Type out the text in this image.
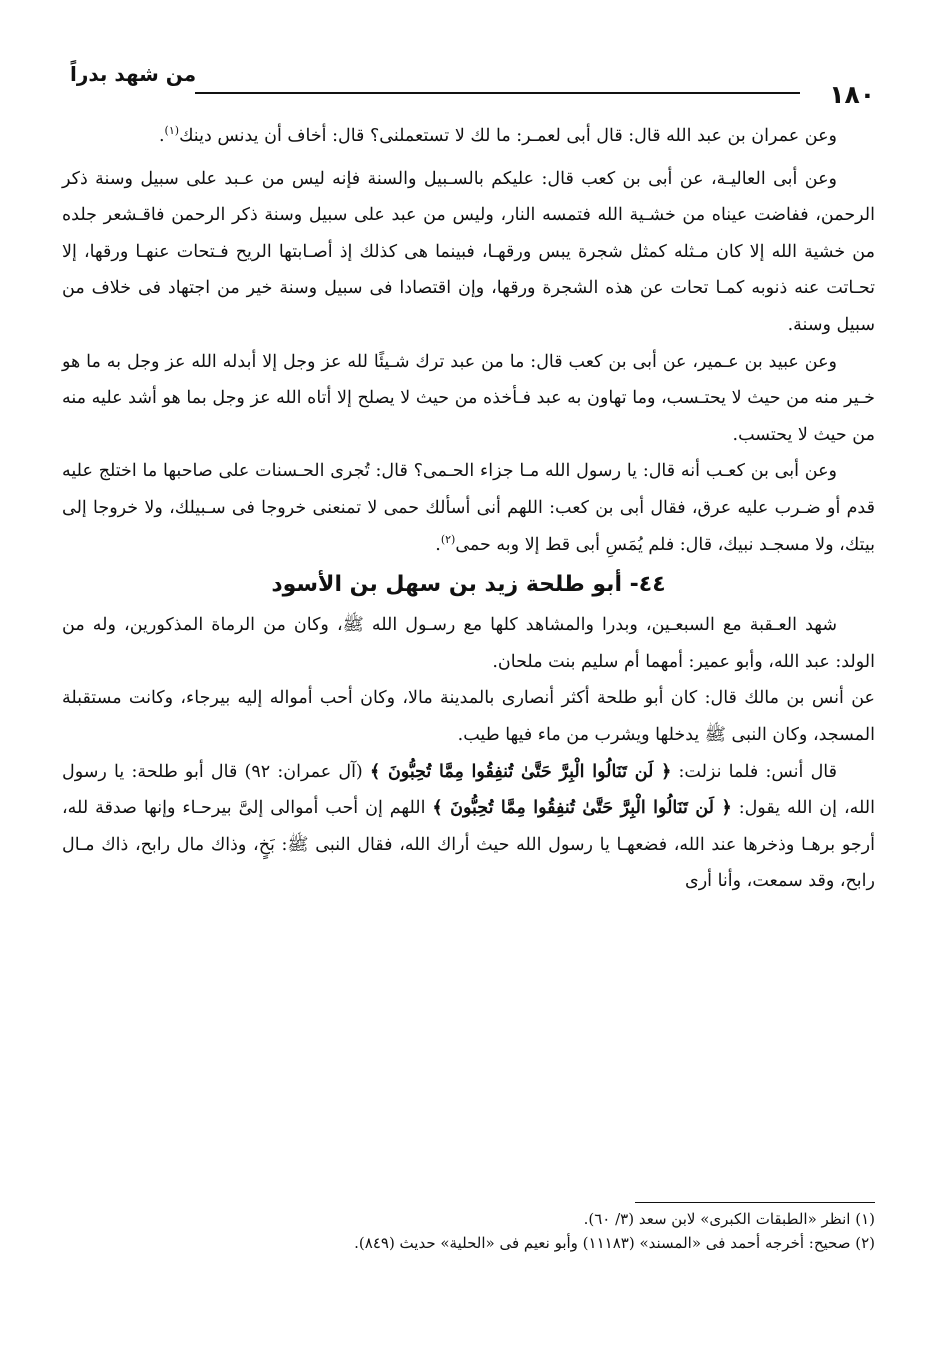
١٨٠
من شهد بدراً

وعن عمران بن عبد الله قال: قال أبى لعمـر: ما لك لا تستعملنى؟ قال: أخاف أن يدنس دينك$^{(١)}$.

وعن أبى العاليـة، عن أبى بن كعب قال: عليكم بالسـبيل والسنة فإنه ليس من عـبد على سبيل وسنة ذكر الرحمن، ففاضت عيناه من خشـية الله فتمسه النار، وليس من عبد على سبيل وسنة ذكر الرحمن فاقـشعر جلده من خشية الله إلا كان مـثله كمثل شجرة يبس ورقهـا، فبينما هى كذلك إذ أصـابتها الريح فـتحات عنهـا ورقها، إلا تحـاتت عنه ذنوبه كمـا تحات عن هذه الشجرة ورقها، وإن اقتصادا فى سبيل وسنة خير من اجتهاد فى خلاف من سبيل وسنة.

وعن عبيد بن عـمير، عن أبى بن كعب قال: ما من عبد ترك شـيئًا لله عز وجل إلا أبدله الله عز وجل به ما هو خـير منه من حيث لا يحتـسب، وما تهاون به عبد فـأخذه من حيث لا يصلح إلا أتاه الله عز وجل بما هو أشد عليه منه من حيث لا يحتسب.

وعن أبى بن كعـب أنه قال: يا رسول الله مـا جزاء الحـمى؟ قال: تُجرى الحـسنات على صاحبها ما اختلج عليه قدم أو ضـرب عليه عرق، فقال أبى بن كعب: اللهم أنى أسألك حمى لا تمنعنى خروجا فى سـبيلك، ولا خروجا إلى بيتك، ولا مسجـد نبيك، قال: فلم يُمَسِ أبى قط إلا وبه حمى$^{(٢)}$.

٤٤- أبو طلحة زيد بن سهل بن الأسود

شهد العـقبة مع السبعـين، وبدرا والمشاهد كلها مع رسـول الله ﷺ، وكان من الرماة المذكورين، وله من الولد: عبد الله، وأبو عمير: أمهما أم سليم بنت ملحان.

عن أنس بن مالك قال: كان أبو طلحة أكثر أنصارى بالمدينة مالا، وكان أحب أمواله إليه بيرجاء، وكانت مستقبلة المسجد، وكان النبى ﷺ يدخلها ويشرب من ماء فيها طيب.

قال أنس: فلما نزلت: ﴿ لَن تَنَالُوا الْبِرَّ حَتَّىٰ تُنفِقُوا مِمَّا تُحِبُّونَ ﴾ (آل عمران: ٩٢) قال أبو طلحة: يا رسول الله، إن الله يقول: ﴿ لَن تَنَالُوا الْبِرَّ حَتَّىٰ تُنفِقُوا مِمَّا تُحِبُّونَ ﴾ اللهم إن أحب أموالى إلىَّ بيرحـاء وإنها صدقة لله، أرجو برهـا وذخرها عند الله، فضعهـا يا رسول الله حيث أراك الله، فقال النبى ﷺ: بَخٍ، وذاك مال رابح، ذاك مـال رابح، وقد سمعت، وأنا أرى

(١) انظر «الطبقات الكبرى» لابن سعد (٣/ ٦٠).

(٢) صحيح: أخرجه أحمد فى «المسند» (١١١٨٣) وأبو نعيم فى «الحلية» حديث (٨٤٩).
